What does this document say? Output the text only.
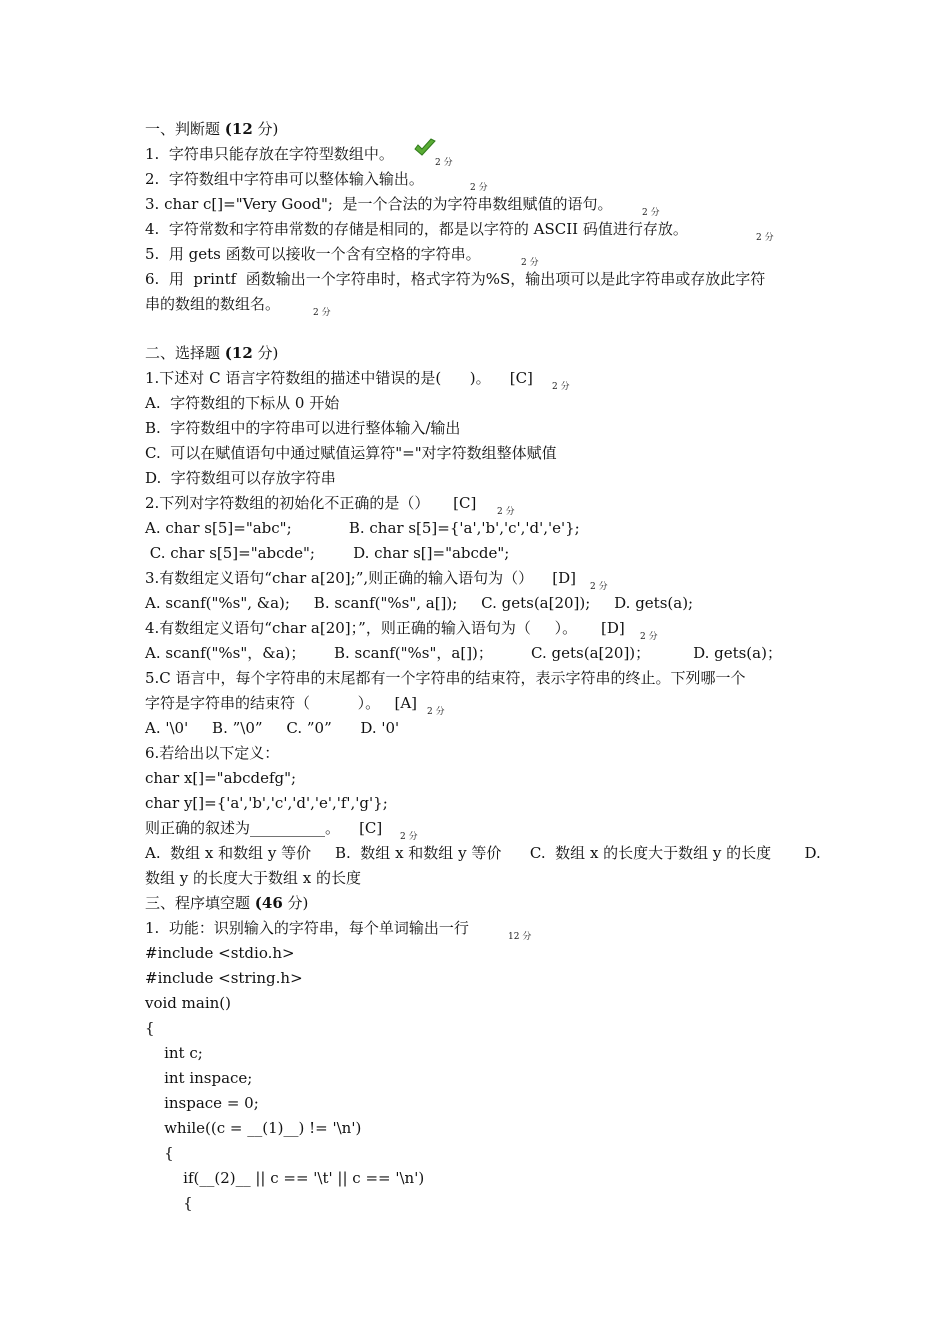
一、判断题 (12 分)
1.  字符串只能存放在字符型数组中。	2 分
2.  字符数组中字符串可以整体输入输出。	2 分
3. char c[]="Very Good";  是一个合法的为字符串数组赋值的语句。	2 分
4.  字符常数和字符串常数的存储是相同的，都是以字符的 ASCII 码值进行存放。	2 分
5.  用 gets 函数可以接收一个含有空格的字符串。	2 分
6.  用  printf  函数输出一个字符串时，格式字符为%S，输出项可以是此字符串或存放此字符
串的数组的数组名。	2 分
二、选择题 (12 分)
1.下述对 C 语言字符数组的描述中错误的是(      )。    [C] 2 分
A.  字符数组的下标从 0 开始
B.  字符数组中的字符串可以进行整体输入/输出
C.  可以在赋值语句中通过赋值运算符"="对字符数组整体赋值
D.  字符数组可以存放字符串
2.下列对字符数组的初始化不正确的是（）     [C] 2 分
A. char s[5]="abc";            B. char s[5]={'a','b','c','d','e'};
C. char s[5]="abcde";        D. char s[]="abcde";
3.有数组定义语句“char a[20];”,则正确的输入语句为（）    [D] 2 分
A. scanf("%s", &a);     B. scanf("%s", a[]);     C. gets(a[20]);     D. gets(a);
4.有数组定义语句“char a[20]；”，则正确的输入语句为（     ）。     [D] 2 分
A. scanf("%s"，&a)；      B. scanf("%s"，a[])；        C. gets(a[20])；         D. gets(a)；
5.C 语言中，每个字符串的末尾都有一个字符串的结束符，表示字符串的终止。下列哪一个
字符是字符串的结束符（          ）。   [A] 2 分
A. '\0'     B. ”\0”     C. ”0”      D. '0'
6.若给出以下定义：
char x[]="abcdefg";
char y[]={'a','b','c','d','e','f','g'};
则正确的叙述为__________。    [C] 2 分
A.  数组 x 和数组 y 等价     B.  数组 x 和数组 y 等价      C.  数组 x 的长度大于数组 y 的长度       D.
数组 y 的长度大于数组 x 的长度
三、程序填空题 (46 分)
1.  功能：识别输入的字符串，每个单词输出一行	12 分
#include <stdio.h>
#include <string.h>
void main()
{
int c;
int inspace;
inspace = 0;
while((c = __(1)__) != '\n')
{
if(__(2)__ || c == '\t' || c == '\n')
{
